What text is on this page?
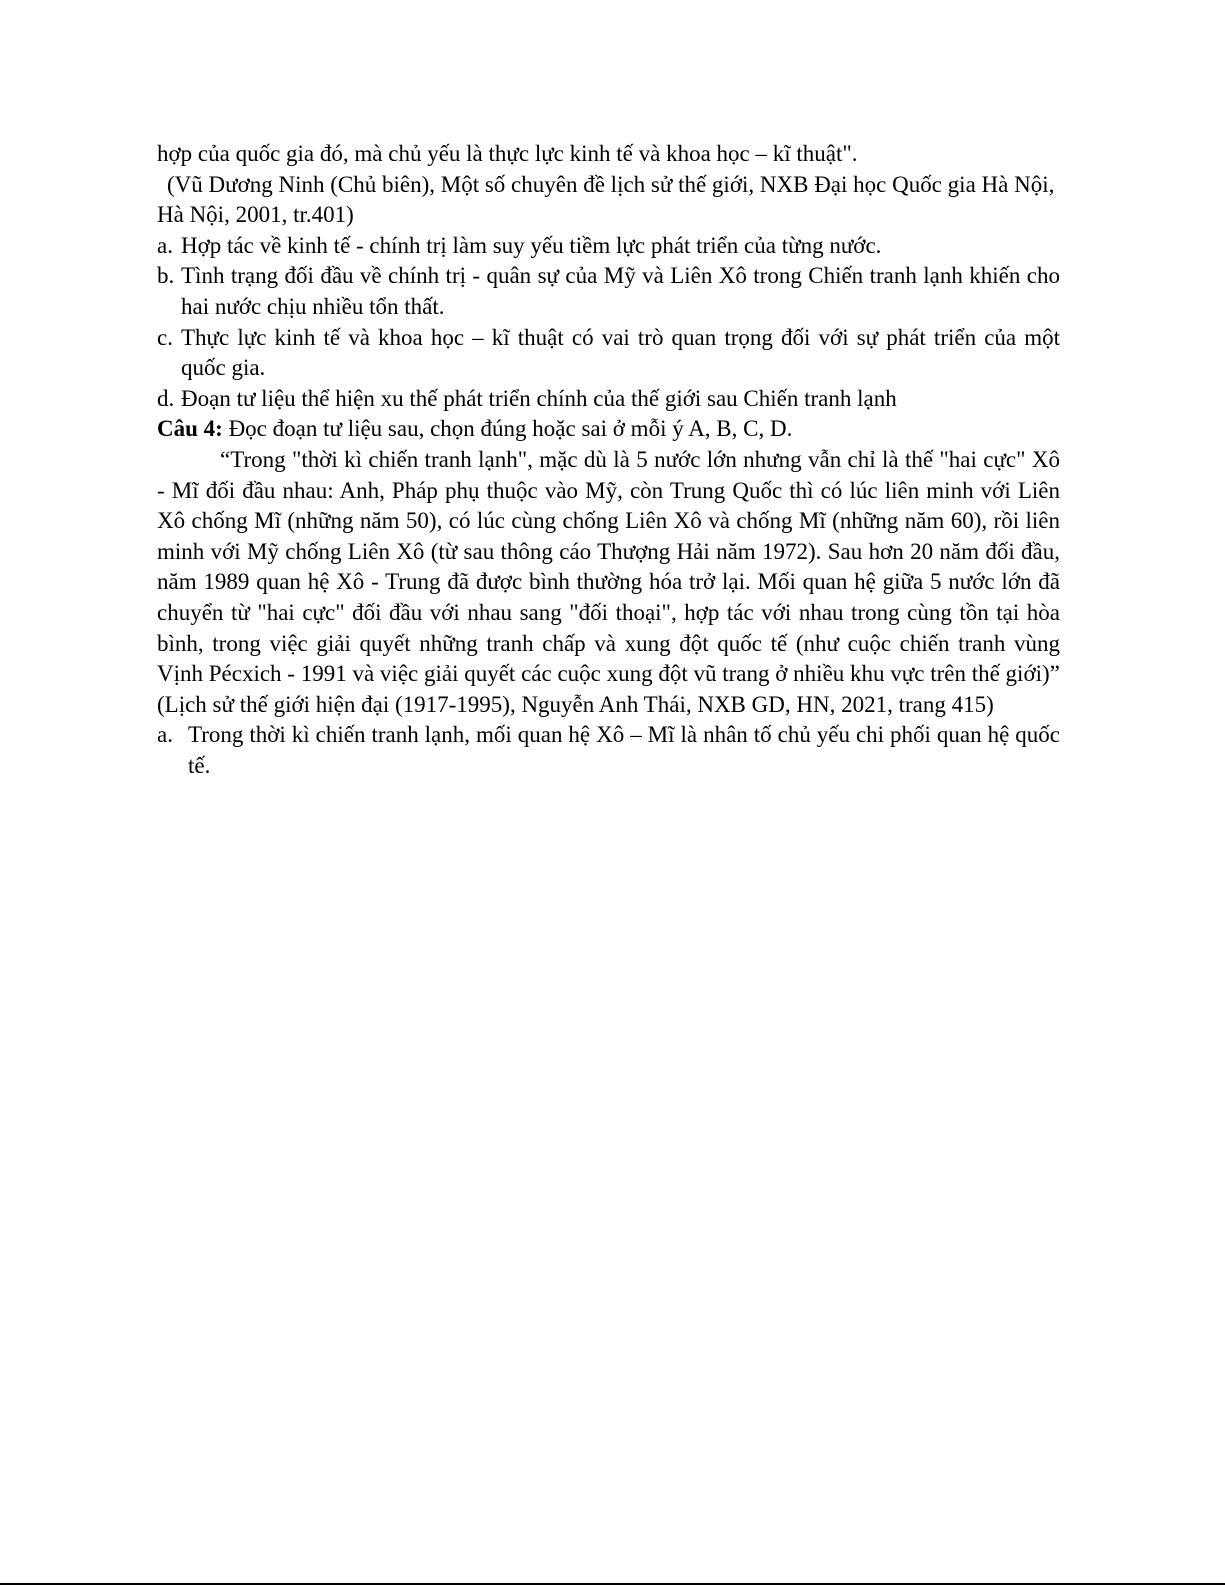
hợp của quốc gia đó, mà chủ yếu là thực lực kinh tế và khoa học – kĩ thuật".

(Vũ Dương Ninh (Chủ biên), Một số chuyên đề lịch sử thế giới, NXB Đại học Quốc gia Hà Nội, Hà Nội, 2001, tr.401)

a. Hợp tác về kinh tế - chính trị làm suy yếu tiềm lực phát triển của từng nước.
b. Tình trạng đối đầu về chính trị - quân sự của Mỹ và Liên Xô trong Chiến tranh lạnh khiến cho hai nước chịu nhiều tổn thất.
c. Thực lực kinh tế và khoa học – kĩ thuật có vai trò quan trọng đối với sự phát triển của một quốc gia.
d. Đoạn tư liệu thể hiện xu thế phát triển chính của thế giới sau Chiến tranh lạnh

Câu 4: Đọc đoạn tư liệu sau, chọn đúng hoặc sai ở mỗi ý A, B, C, D.

“Trong "thời kì chiến tranh lạnh", mặc dù là 5 nước lớn nhưng vẫn chỉ là thế "hai cực" Xô - Mĩ đối đầu nhau: Anh, Pháp phụ thuộc vào Mỹ, còn Trung Quốc thì có lúc liên minh với Liên Xô chống Mĩ (những năm 50), có lúc cùng chống Liên Xô và chống Mĩ (những năm 60), rồi liên minh với Mỹ chống Liên Xô (từ sau thông cáo Thượng Hải năm 1972). Sau hơn 20 năm đối đầu, năm 1989 quan hệ Xô - Trung đã được bình thường hóa trở lại. Mối quan hệ giữa 5 nước lớn đã chuyển từ "hai cực" đối đầu với nhau sang "đối thoại", hợp tác với nhau trong cùng tồn tại hòa bình, trong việc giải quyết những tranh chấp và xung đột quốc tế (như cuộc chiến tranh vùng Vịnh Pécxich - 1991 và việc giải quyết các cuộc xung đột vũ trang ở nhiều khu vực trên thế giới)”

(Lịch sử thế giới hiện đại (1917-1995), Nguyễn Anh Thái, NXB GD, HN, 2021, trang 415)

a. Trong thời kì chiến tranh lạnh, mối quan hệ Xô – Mĩ là nhân tố chủ yếu chi phối quan hệ quốc tế.
